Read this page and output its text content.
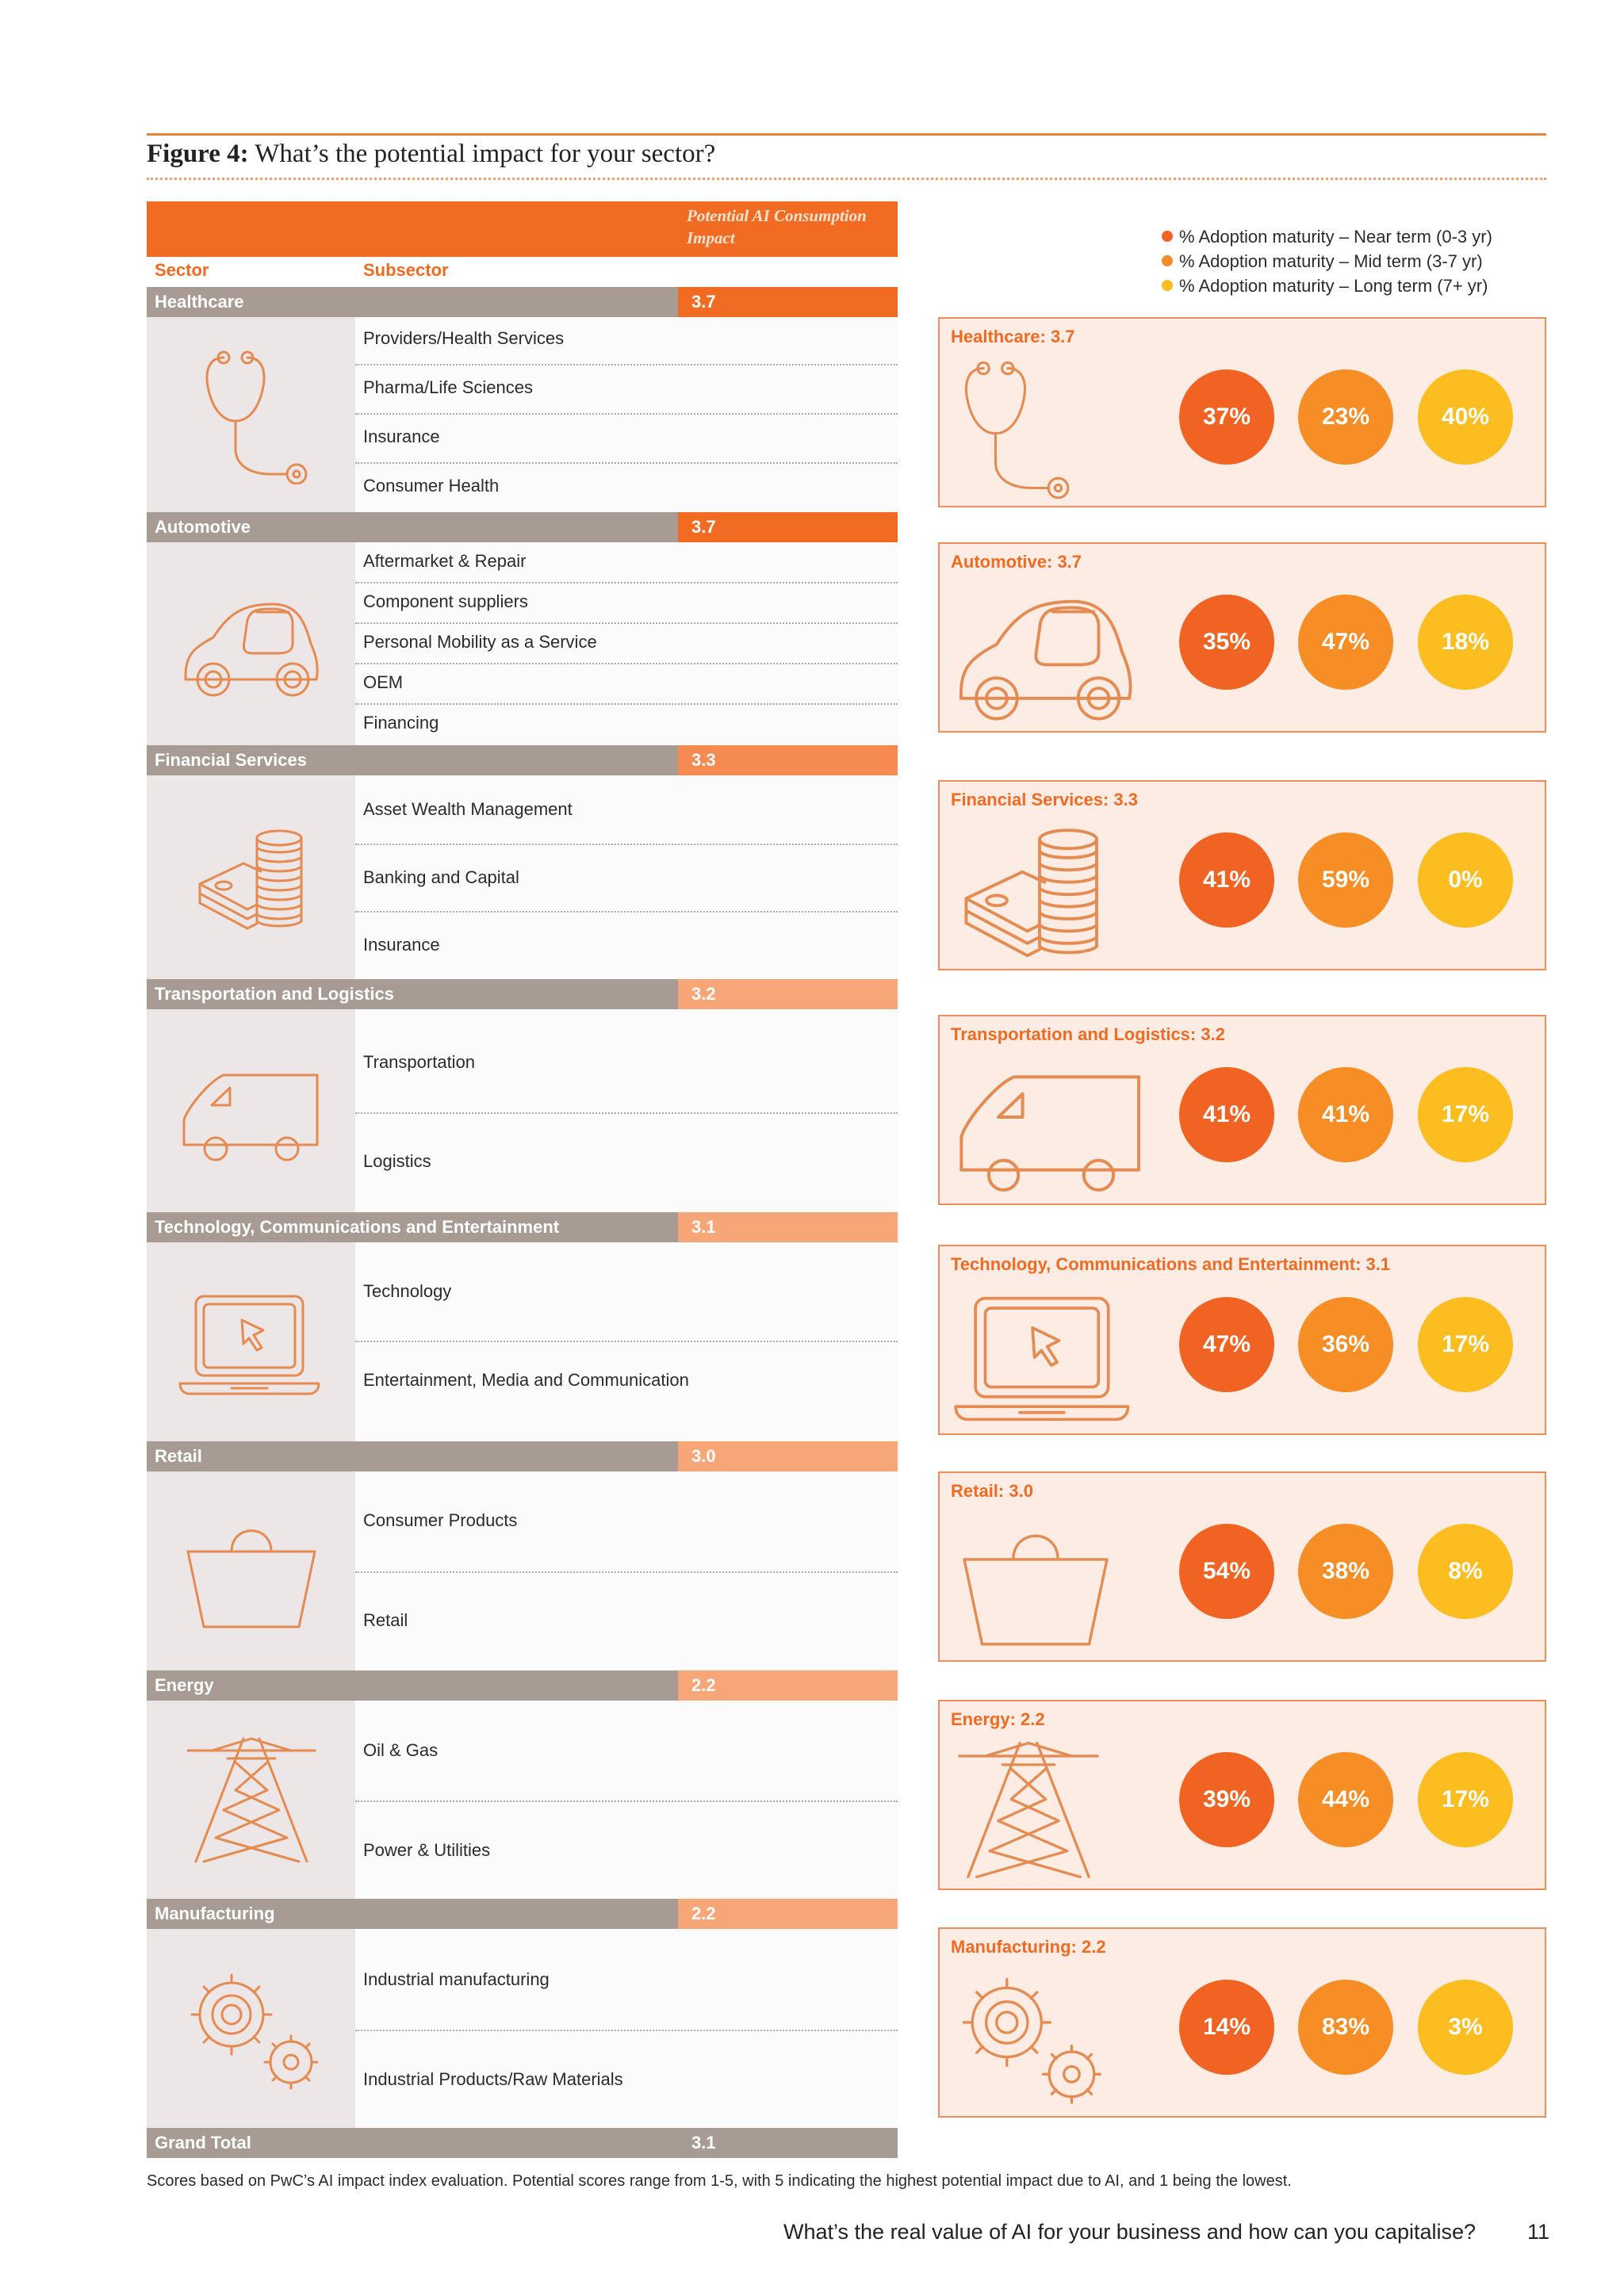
Figure 4: What’s the potential impact for your sector?
Potential AI Consumption Impact
Sector	Subsector
Healthcare	3.7
Providers/Health Services
Pharma/Life Sciences
Insurance
Consumer Health
Automotive	3.7
Aftermarket & Repair
Component suppliers
Personal Mobility as a Service
OEM
Financing
Financial Services	3.3
Asset Wealth Management
Banking and Capital
Insurance
Transportation and Logistics	3.2
Transportation
Logistics
Technology, Communications and Entertainment	3.1
Technology
Entertainment, Media and Communication
Retail	3.0
Consumer Products
Retail
Energy	2.2
Oil & Gas
Power & Utilities
Manufacturing	2.2
Industrial manufacturing
Industrial Products/Raw Materials
Grand Total	3.1
% Adoption maturity – Near term (0-3 yr)
% Adoption maturity – Mid term (3-7 yr)
% Adoption maturity – Long term (7+ yr)
Healthcare: 3.7
37%	23%	40%
Automotive: 3.7
35%	47%	18%
Financial Services: 3.3
41%	59%	0%
Transportation and Logistics: 3.2
41%	41%	17%
Technology, Communications and Entertainment: 3.1
47%	36%	17%
Retail: 3.0
54%	38%	8%
Energy: 2.2
39%	44%	17%
Manufacturing: 2.2
14%	83%	3%
Scores based on PwC’s AI impact index evaluation. Potential scores range from 1-5, with 5 indicating the highest potential impact due to AI, and 1 being the lowest.
What’s the real value of AI for your business and how can you capitalise? 11
